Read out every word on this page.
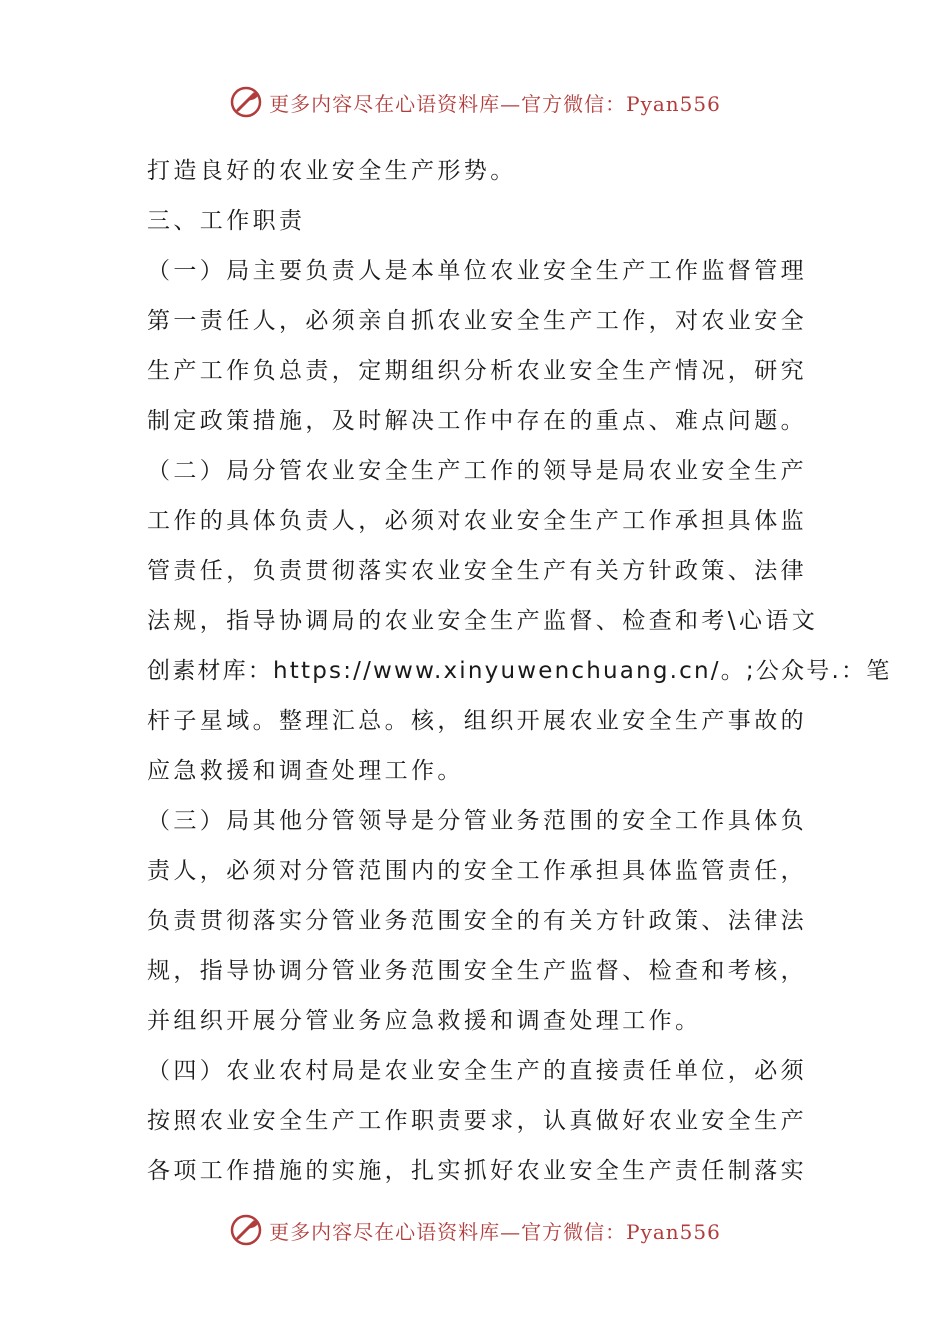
更多内容尽在心语资料库—官方微信：Pyan556
打造良好的农业安全生产形势。
三、工作职责
（一）局主要负责人是本单位农业安全生产工作监督管理
第一责任人，必须亲自抓农业安全生产工作，对农业安全
生产工作负总责，定期组织分析农业安全生产情况，研究
制定政策措施，及时解决工作中存在的重点、难点问题。
（二）局分管农业安全生产工作的领导是局农业安全生产
工作的具体负责人，必须对农业安全生产工作承担具体监
管责任，负责贯彻落实农业安全生产有关方针政策、法律
法规，指导协调局的农业安全生产监督、检查和考\心语文
创素材库：https://www.xinyuwenchuang.cn/。;公众号.：笔
杆子星域。整理汇总。核，组织开展农业安全生产事故的
应急救援和调查处理工作。
（三）局其他分管领导是分管业务范围的安全工作具体负
责人，必须对分管范围内的安全工作承担具体监管责任，
负责贯彻落实分管业务范围安全的有关方针政策、法律法
规，指导协调分管业务范围安全生产监督、检查和考核，
并组织开展分管业务应急救援和调查处理工作。
（四）农业农村局是农业安全生产的直接责任单位，必须
按照农业安全生产工作职责要求，认真做好农业安全生产
各项工作措施的实施，扎实抓好农业安全生产责任制落实
更多内容尽在心语资料库—官方微信：Pyan556
